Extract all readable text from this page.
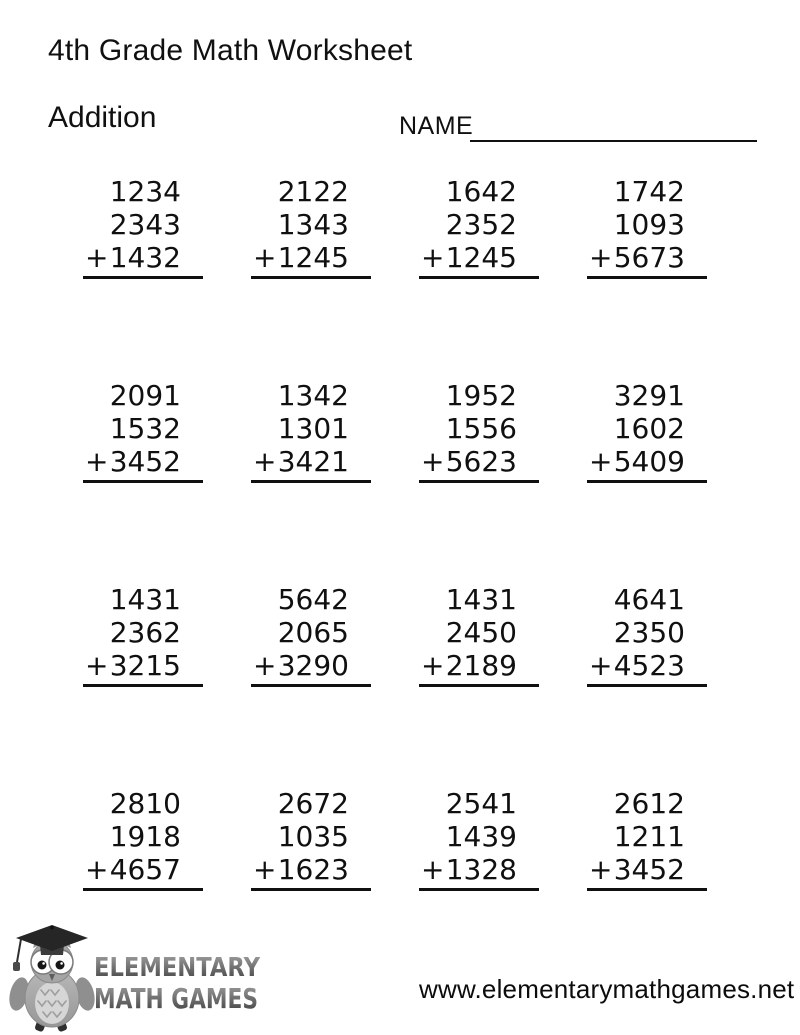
4th Grade Math Worksheet
Addition	NAME
1234
2343
+ 1432
2122
1343
+ 1245
1642
2352
+ 1245
1742
1093
+ 5673
2091
1532
+ 3452
1342
1301
+ 3421
1952
1556
+ 5623
3291
1602
+ 5409
1431
2362
+ 3215
5642
2065
+ 3290
1431
2450
+ 2189
4641
2350
+ 4523
2810
1918
+ 4657
2672
1035
+ 1623
2541
1439
+ 1328
2612
1211
+ 3452
ELEMENTARY
MATH GAMES	www.elementarymathgames.net
